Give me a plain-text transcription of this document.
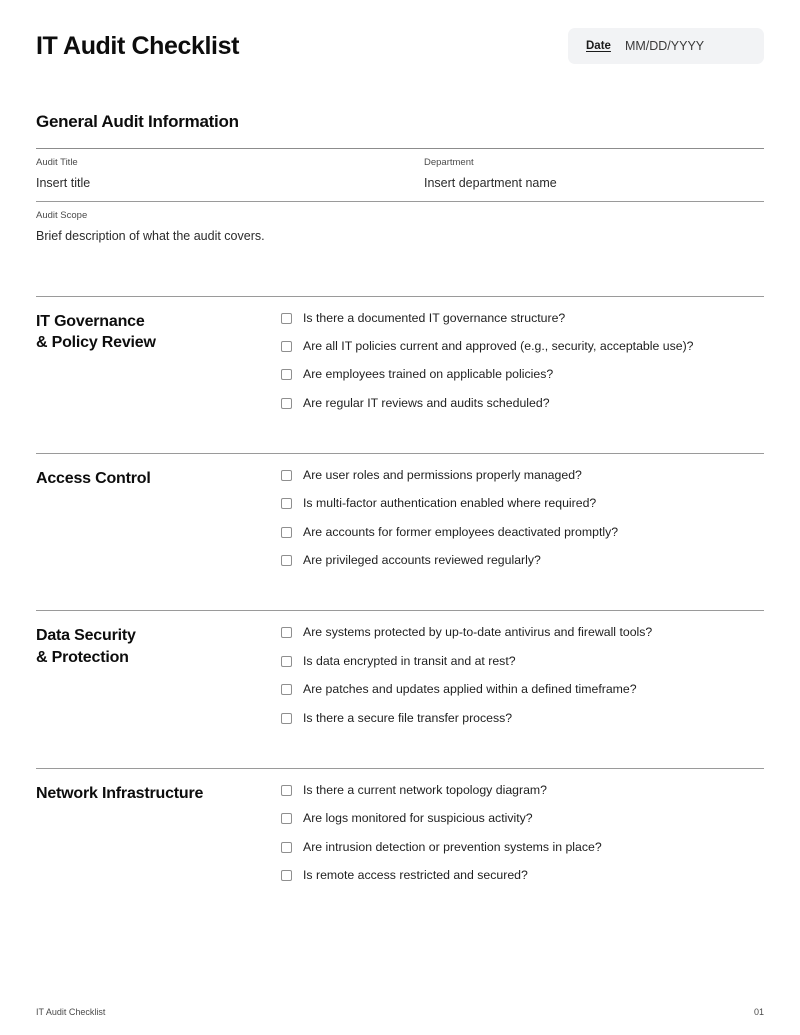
IT Audit Checklist	Date MM/DD/YYYY
General Audit Information
Audit Title
Insert title
Department
Insert department name
Audit Scope
Brief description of what the audit covers.
IT Governance
& Policy Review
Is there a documented IT governance structure?
Are all IT policies current and approved (e.g., security, acceptable use)?
Are employees trained on applicable policies?
Are regular IT reviews and audits scheduled?
Access Control	Are user roles and permissions properly managed?
Is multi-factor authentication enabled where required?
Are accounts for former employees deactivated promptly?
Are privileged accounts reviewed regularly?
Data Security
& Protection
Are systems protected by up-to-date antivirus and firewall tools?
Is data encrypted in transit and at rest?
Are patches and updates applied within a defined timeframe?
Is there a secure file transfer process?
Network Infrastructure	Is there a current network topology diagram?
Are logs monitored for suspicious activity?
Are intrusion detection or prevention systems in place?
Is remote access restricted and secured?
IT Audit Checklist	01
